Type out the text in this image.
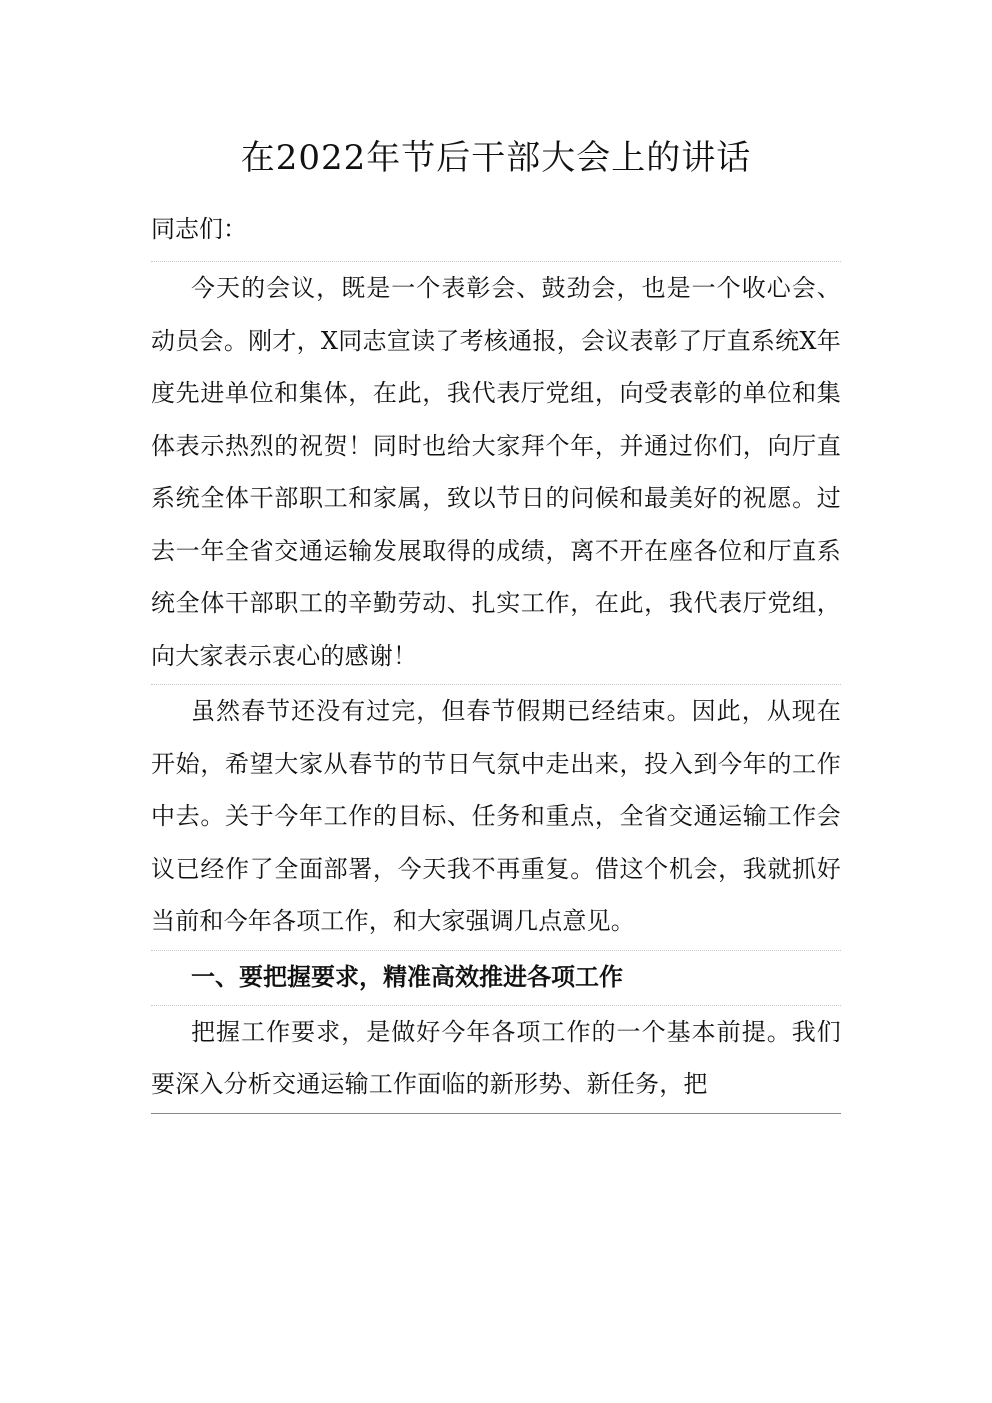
在2022年节后干部大会上的讲话

同志们：

今天的会议，既是一个表彰会、鼓劲会，也是一个收心会、动员会。刚才，X同志宣读了考核通报，会议表彰了厅直系统X年度先进单位和集体，在此，我代表厅党组，向受表彰的单位和集体表示热烈的祝贺！同时也给大家拜个年，并通过你们，向厅直系统全体干部职工和家属，致以节日的问候和最美好的祝愿。过去一年全省交通运输发展取得的成绩，离不开在座各位和厅直系统全体干部职工的辛勤劳动、扎实工作，在此，我代表厅党组，向大家表示衷心的感谢！

虽然春节还没有过完，但春节假期已经结束。因此，从现在开始，希望大家从春节的节日气氛中走出来，投入到今年的工作中去。关于今年工作的目标、任务和重点，全省交通运输工作会议已经作了全面部署，今天我不再重复。借这个机会，我就抓好当前和今年各项工作，和大家强调几点意见。

一、要把握要求，精准高效推进各项工作

把握工作要求，是做好今年各项工作的一个基本前提。我们要深入分析交通运输工作面临的新形势、新任务，把
